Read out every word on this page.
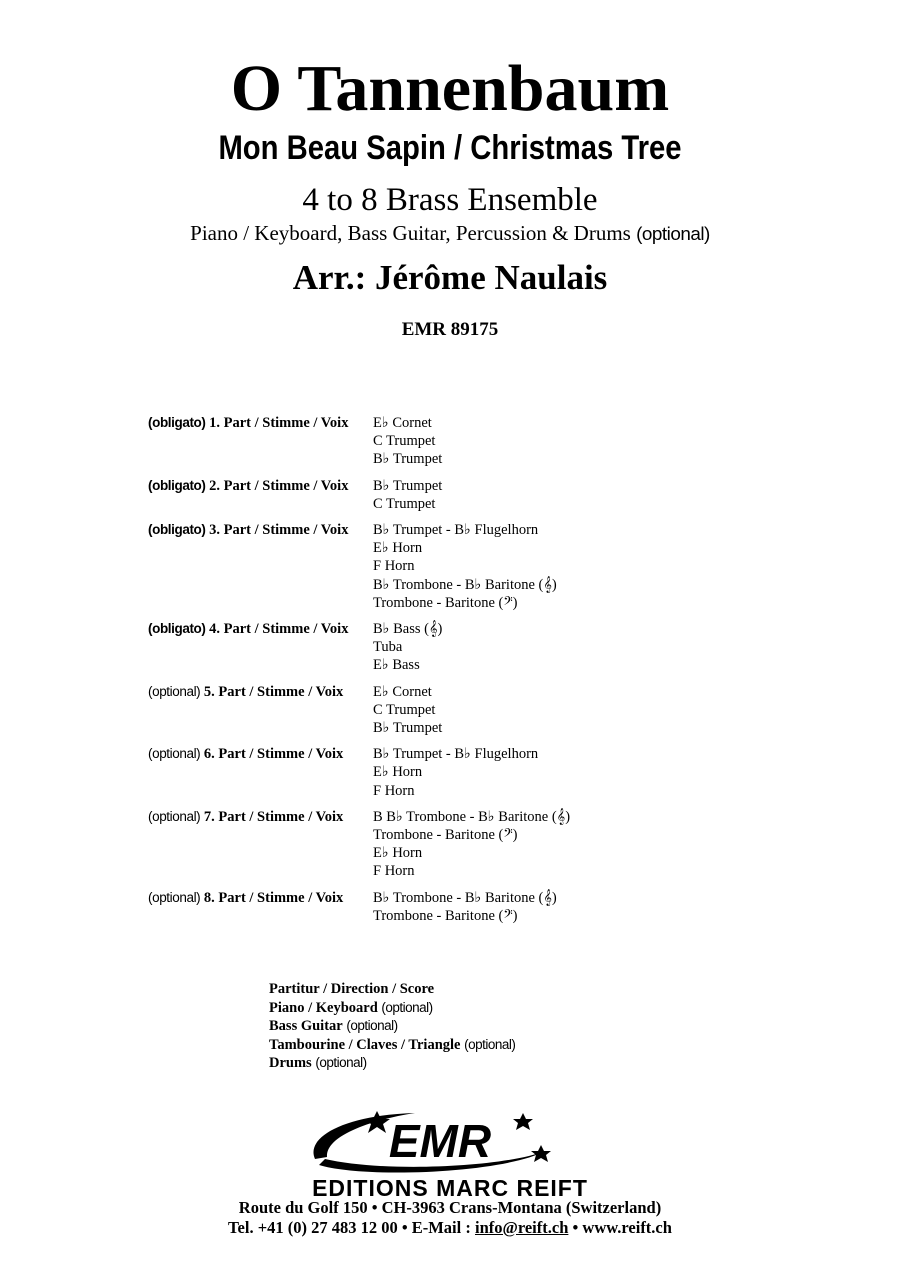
O Tannenbaum
Mon Beau Sapin / Christmas Tree
4 to 8 Brass Ensemble
Piano / Keyboard, Bass Guitar, Percussion & Drums (optional)
Arr.: Jérôme Naulais
EMR 89175
(obligato) 1. Part / Stimme / Voix	E♭ Cornet
C Trumpet
B♭ Trumpet
(obligato) 2. Part / Stimme / Voix	B♭ Trumpet
C Trumpet
(obligato) 3. Part / Stimme / Voix	B♭ Trumpet - B♭ Flugelhorn
E♭ Horn
F Horn
B♭ Trombone - B♭ Baritone (𝄞)
Trombone - Baritone (𝄢)
(obligato) 4. Part / Stimme / Voix	B♭ Bass (𝄞)
Tuba
E♭ Bass
(optional) 5. Part / Stimme / Voix	E♭ Cornet
C Trumpet
B♭ Trumpet
(optional) 6. Part / Stimme / Voix	B♭ Trumpet - B♭ Flugelhorn
E♭ Horn
F Horn
(optional) 7. Part / Stimme / Voix	B B♭ Trombone - B♭ Baritone (𝄞)
Trombone - Baritone (𝄢)
E♭ Horn
F Horn
(optional) 8. Part / Stimme / Voix	B♭ Trombone - B♭ Baritone (𝄞)
Trombone - Baritone (𝄢)
Partitur / Direction / Score
Piano / Keyboard (optional)
Bass Guitar (optional)
Tambourine / Claves / Triangle (optional)
Drums (optional)
EMR
EDITIONS MARC REIFT
Route du Golf 150 • CH-3963 Crans-Montana (Switzerland)
Tel. +41 (0) 27 483 12 00 • E-Mail : info@reift.ch • www.reift.ch
